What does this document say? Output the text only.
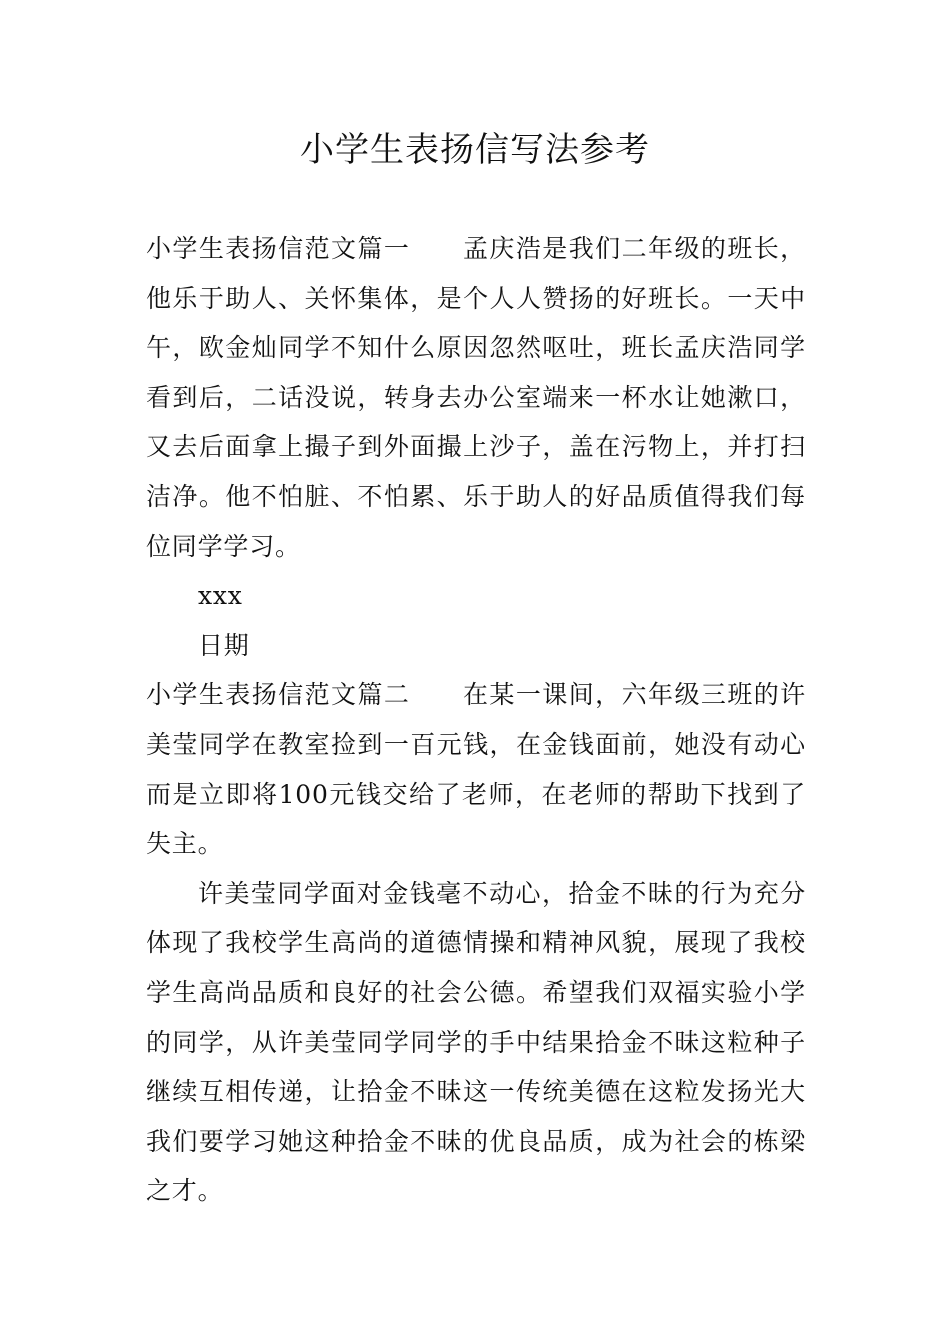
小学生表扬信写法参考

小学生表扬信范文篇一 孟庆浩是我们二年级的班长，他乐于助人、关怀集体，是个人人赞扬的好班长。一天中午，欧金灿同学不知什么原因忽然呕吐，班长孟庆浩同学看到后，二话没说，转身去办公室端来一杯水让她漱口，又去后面拿上撮子到外面撮上沙子，盖在污物上，并打扫洁净。他不怕脏、不怕累、乐于助人的好品质值得我们每位同学学习。

xxx

日期

小学生表扬信范文篇二 在某一课间，六年级三班的许美莹同学在教室捡到一百元钱，在金钱面前，她没有动心而是立即将100元钱交给了老师，在老师的帮助下找到了失主。

许美莹同学面对金钱毫不动心，拾金不昧的行为充分体现了我校学生高尚的道德情操和精神风貌，展现了我校学生高尚品质和良好的社会公德。希望我们双福实验小学的同学，从许美莹同学同学的手中结果拾金不昧这粒种子继续互相传递，让拾金不昧这一传统美德在这粒发扬光大我们要学习她这种拾金不昧的优良品质，成为社会的栋梁之才。
